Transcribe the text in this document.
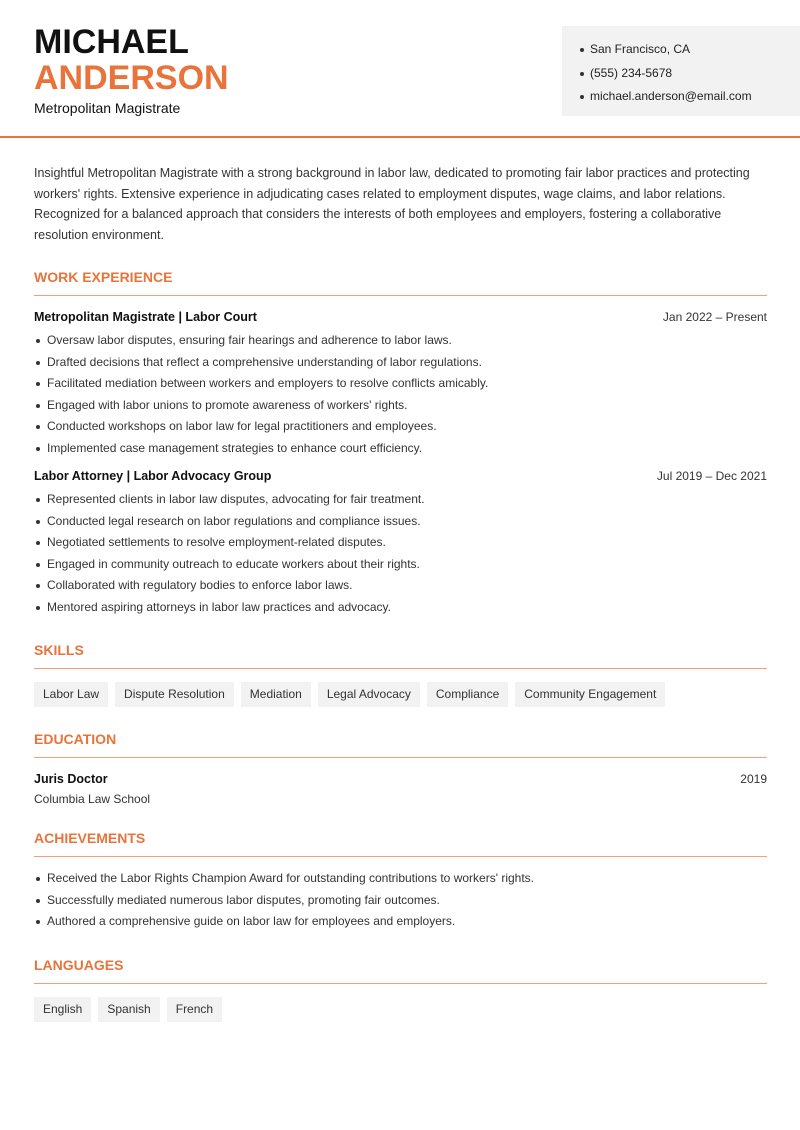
MICHAEL
ANDERSON
Metropolitan Magistrate
San Francisco, CA
(555) 234-5678
michael.anderson@email.com

Insightful Metropolitan Magistrate with a strong background in labor law, dedicated to promoting fair labor practices and protecting workers' rights. Extensive experience in adjudicating cases related to employment disputes, wage claims, and labor relations. Recognized for a balanced approach that considers the interests of both employees and employers, fostering a collaborative resolution environment.

WORK EXPERIENCE
Metropolitan Magistrate | Labor Court	Jan 2022 – Present
Oversaw labor disputes, ensuring fair hearings and adherence to labor laws.
Drafted decisions that reflect a comprehensive understanding of labor regulations.
Facilitated mediation between workers and employers to resolve conflicts amicably.
Engaged with labor unions to promote awareness of workers' rights.
Conducted workshops on labor law for legal practitioners and employees.
Implemented case management strategies to enhance court efficiency.
Labor Attorney | Labor Advocacy Group	Jul 2019 – Dec 2021
Represented clients in labor law disputes, advocating for fair treatment.
Conducted legal research on labor regulations and compliance issues.
Negotiated settlements to resolve employment-related disputes.
Engaged in community outreach to educate workers about their rights.
Collaborated with regulatory bodies to enforce labor laws.
Mentored aspiring attorneys in labor law practices and advocacy.
SKILLS
Labor Law	Dispute Resolution	Mediation	Legal Advocacy	Compliance	Community Engagement
EDUCATION
Juris Doctor	2019
Columbia Law School
ACHIEVEMENTS
Received the Labor Rights Champion Award for outstanding contributions to workers' rights.
Successfully mediated numerous labor disputes, promoting fair outcomes.
Authored a comprehensive guide on labor law for employees and employers.
LANGUAGES
English	Spanish	French
